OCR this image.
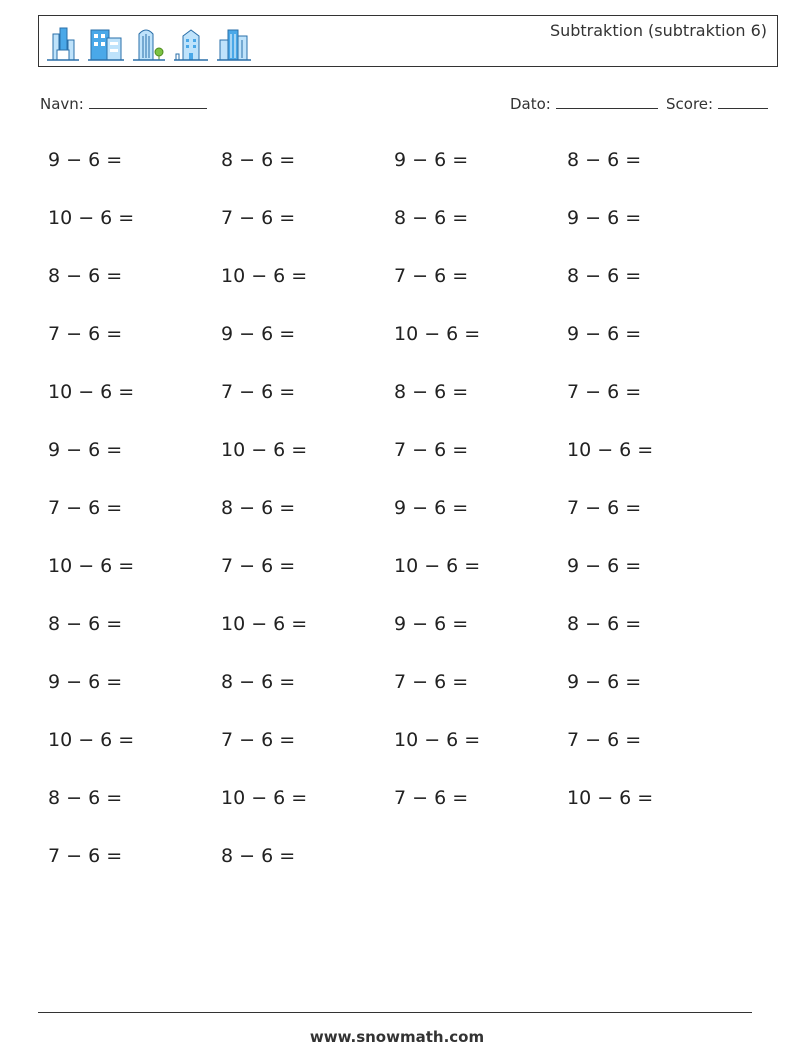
Subtraktion (subtraktion 6)
Navn:	Dato:	Score:
9 − 6 =	8 − 6 =	9 − 6 =	8 − 6 =
10 − 6 =	7 − 6 =	8 − 6 =	9 − 6 =
8 − 6 =	10 − 6 =	7 − 6 =	8 − 6 =
7 − 6 =	9 − 6 =	10 − 6 =	9 − 6 =
10 − 6 =	7 − 6 =	8 − 6 =	7 − 6 =
9 − 6 =	10 − 6 =	7 − 6 =	10 − 6 =
7 − 6 =	8 − 6 =	9 − 6 =	7 − 6 =
10 − 6 =	7 − 6 =	10 − 6 =	9 − 6 =
8 − 6 =	10 − 6 =	9 − 6 =	8 − 6 =
9 − 6 =	8 − 6 =	7 − 6 =	9 − 6 =
10 − 6 =	7 − 6 =	10 − 6 =	7 − 6 =
8 − 6 =	10 − 6 =	7 − 6 =	10 − 6 =
7 − 6 =	8 − 6 =
www.snowmath.com
